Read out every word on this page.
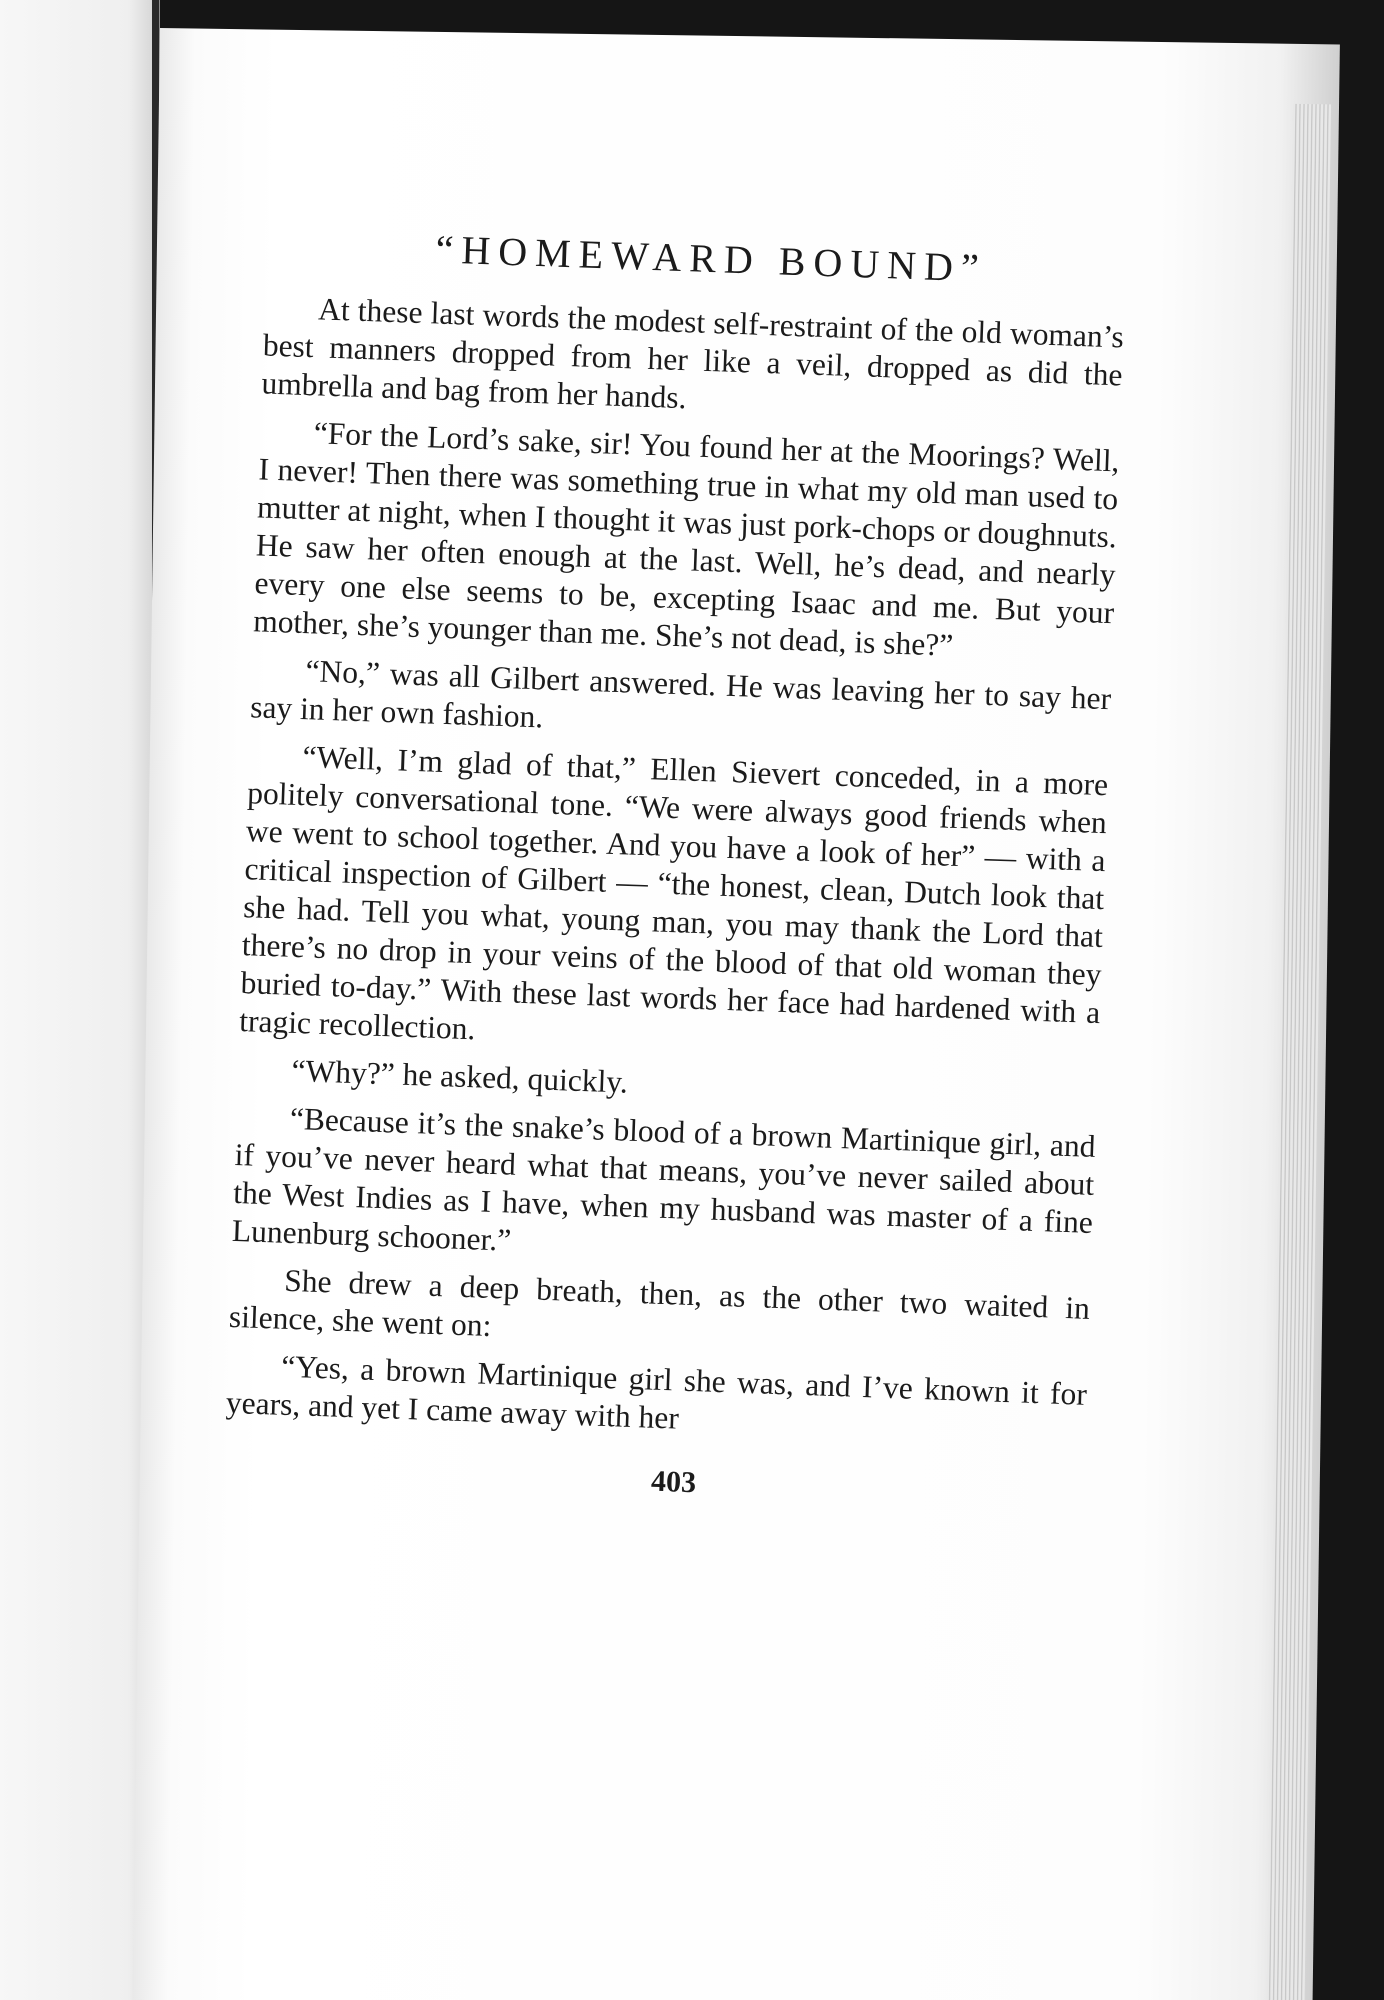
“HOMEWARD BOUND”

At these last words the modest self-restraint of the old woman’s best manners dropped from her like a veil, dropped as did the umbrella and bag from her hands.

“For the Lord’s sake, sir! You found her at the Moorings? Well, I never! Then there was something true in what my old man used to mutter at night, when I thought it was just pork-chops or doughnuts. He saw her often enough at the last. Well, he’s dead, and nearly every one else seems to be, excepting Isaac and me. But your mother, she’s younger than me. She’s not dead, is she?”

“No,” was all Gilbert answered. He was leaving her to say her say in her own fashion.

“Well, I’m glad of that,” Ellen Sievert conceded, in a more politely conversational tone. “We were always good friends when we went to school together. And you have a look of her” — with a critical inspection of Gilbert — “the honest, clean, Dutch look that she had. Tell you what, young man, you may thank the Lord that there’s no drop in your veins of the blood of that old woman they buried to-day.” With these last words her face had hardened with a tragic recollection.

“Why?” he asked, quickly.

“Because it’s the snake’s blood of a brown Martinique girl, and if you’ve never heard what that means, you’ve never sailed about the West Indies as I have, when my husband was master of a fine Lunenburg schooner.”

She drew a deep breath, then, as the other two waited in silence, she went on:

“Yes, a brown Martinique girl she was, and I’ve known it for years, and yet I came away with her

403
